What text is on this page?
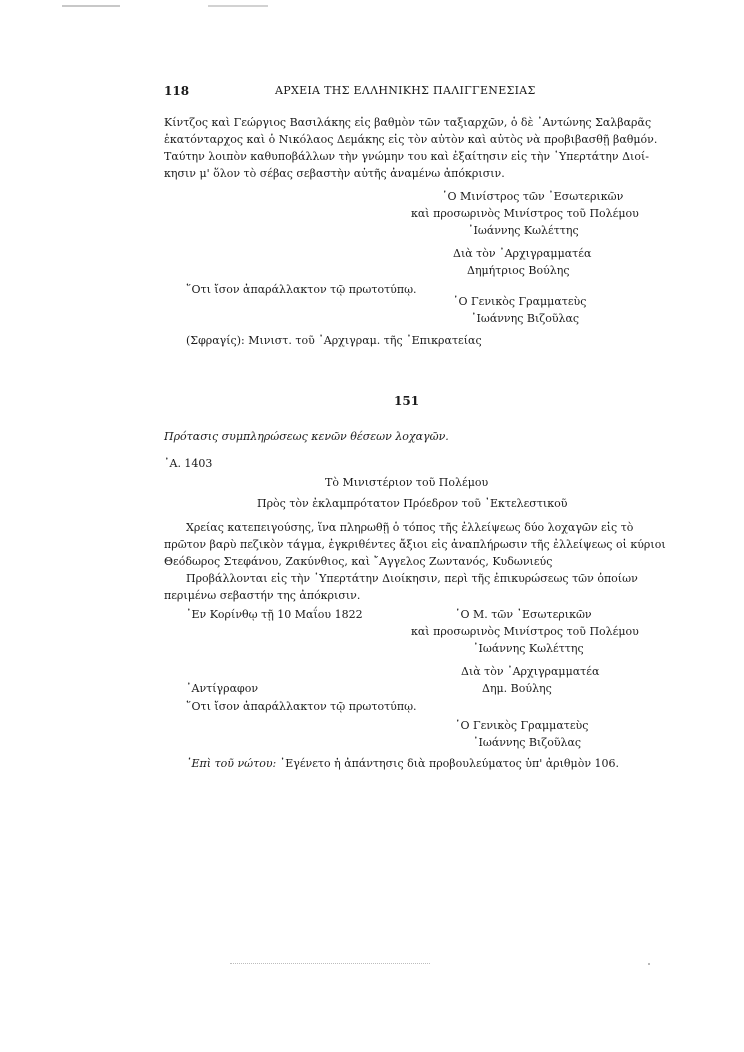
118	ΑΡΧΕΙΑ ΤΗΣ ΕΛΛΗΝΙΚΗΣ ΠΑΛΙΓΓΕΝΕΣΙΑΣ
Κίντζος καὶ Γεώργιος Βασιλάκης εἰς βαθμὸν τῶν ταξιαρχῶν, ὁ δὲ ᾿Αντώνης Σαλβαρᾶς
ἑκατόνταρχος καὶ ὁ Νικόλαος Δεμάκης εἰς τὸν αὐτὸν καὶ αὐτὸς νὰ προβιβασθῇ βαθμόν.
Ταύτην λοιπὸν καθυποβάλλων τὴν γνώμην του καὶ ἐξαίτησιν εἰς τὴν ῾Υπερτάτην Διοί-
κησιν μ' ὅλον τὸ σέβας σεβαστὴν αὐτῆς ἀναμένω ἀπόκρισιν.
῾Ο Μινίστρος τῶν ᾿Εσωτερικῶν
καὶ προσωρινὸς Μινίστρος τοῦ Πολέμου
᾿Ιωάννης Κωλέττης
Διὰ τὸν ᾿Αρχιγραμματέα
Δημήτριος Βούλης
῞Οτι ἴσον ἀπαράλλακτον τῷ πρωτοτύπῳ.
῾Ο Γενικὸς Γραμματεὺς
᾿Ιωάννης Βιζοῦλας
(Σφραγίς): Μινιστ. τοῦ ᾿Αρχιγραμ. τῆς ᾿Επικρατείας
151
Πρότασις συμπληρώσεως κενῶν θέσεων λοχαγῶν.
᾿Α. 1403
Τὸ Μινιστέριον τοῦ Πολέμου
Πρὸς τὸν ἐκλαμπρότατον Πρόεδρον τοῦ ᾿Εκτελεστικοῦ
Χρείας κατεπειγούσης, ἵνα πληρωθῇ ὁ τόπος τῆς ἐλλείψεως δύο λοχαγῶν εἰς τὸ
πρῶτον βαρὺ πεζικὸν τάγμα, ἐγκριθέντες ἄξιοι εἰς ἀναπλήρωσιν τῆς ἐλλείψεως οἱ κύριοι
Θεόδωρος Στεφάνου, Ζακύνθιος, καὶ ῎Αγγελος Ζωντανός, Κυδωνιεύς
Προβάλλονται εἰς τὴν ῾Υπερτάτην Διοίκησιν, περὶ τῆς ἐπικυρώσεως τῶν ὁποίων
περιμένω σεβαστήν της ἀπόκρισιν.
᾿Εν Κορίνθῳ τῇ 10 Μαΐου 1822	῾Ο Μ. τῶν ᾿Εσωτερικῶν
καὶ προσωρινὸς Μινίστρος τοῦ Πολέμου
᾿Ιωάννης Κωλέττης
Διὰ τὸν ᾿Αρχιγραμματέα
᾿Αντίγραφον	Δημ. Βούλης
῞Οτι ἴσον ἀπαράλλακτον τῷ πρωτοτύπῳ.
῾Ο Γενικὸς Γραμματεὺς
᾿Ιωάννης Βιζοῦλας
᾿Επὶ τοῦ νώτου: ᾿Εγένετο ἡ ἀπάντησις διὰ προβουλεύματος ὑπ' ἀριθμὸν 106.
